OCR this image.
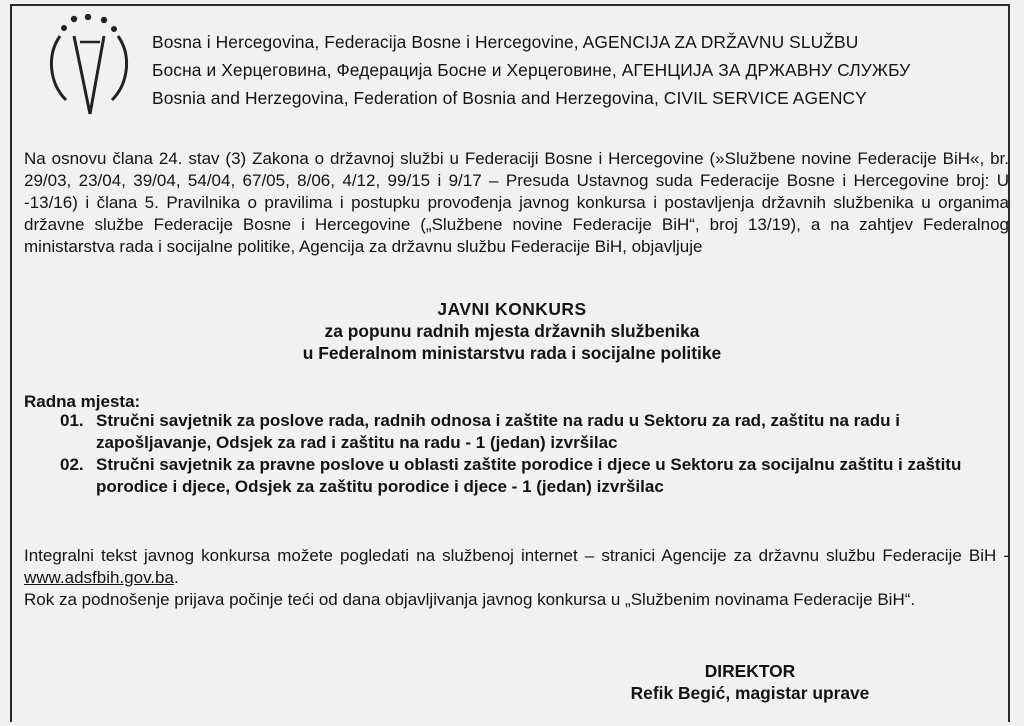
Bosna i Hercegovina, Federacija Bosne i Hercegovine, AGENCIJA ZA DRŽAVNU SLUŽBU
Босна и Херцеговина, Федерација Босне и Херцеговине, АГЕНЦИЈА ЗА ДРЖАВНУ СЛУЖБУ
Bosnia and Herzegovina, Federation of Bosnia and Herzegovina, CIVIL SERVICE AGENCY
Na osnovu člana 24. stav (3) Zakona o državnoj službi u Federaciji Bosne i Hercegovine (»Službene novine Federacije BiH«, br. 29/03, 23/04, 39/04, 54/04, 67/05, 8/06, 4/12, 99/15 i 9/17 – Presuda Ustavnog suda Federacije Bosne i Hercegovine broj: U -13/16) i člana 5. Pravilnika o pravilima i postupku provođenja javnog konkursa i postavljenja državnih službenika u organima državne službe Federacije Bosne i Hercegovine („Službene novine Federacije BiH“, broj 13/19), a na zahtjev Federalnog ministarstva rada i socijalne politike, Agencija za državnu službu Federacije BiH, objavljuje
JAVNI KONKURS
za popunu radnih mjesta državnih službenika
u Federalnom ministarstvu rada i socijalne politike
Radna mjesta:
01. Stručni savjetnik za poslove rada, radnih odnosa i zaštite na radu u Sektoru za rad, zaštitu na radu i zapošljavanje, Odsjek za rad i zaštitu na radu - 1 (jedan) izvršilac
02. Stručni savjetnik za pravne poslove u oblasti zaštite porodice i djece u Sektoru za socijalnu zaštitu i zaštitu porodice i djece, Odsjek za zaštitu porodice i djece - 1 (jedan) izvršilac

Integralni tekst javnog konkursa možete pogledati na službenoj internet – stranici Agencije za državnu službu Federacije BiH - www.adsfbih.gov.ba.

Rok za podnošenje prijava počinje teći od dana objavljivanja javnog konkursa u „Službenim novinama Federacije BiH“.

DIREKTOR
Refik Begić, magistar uprave
